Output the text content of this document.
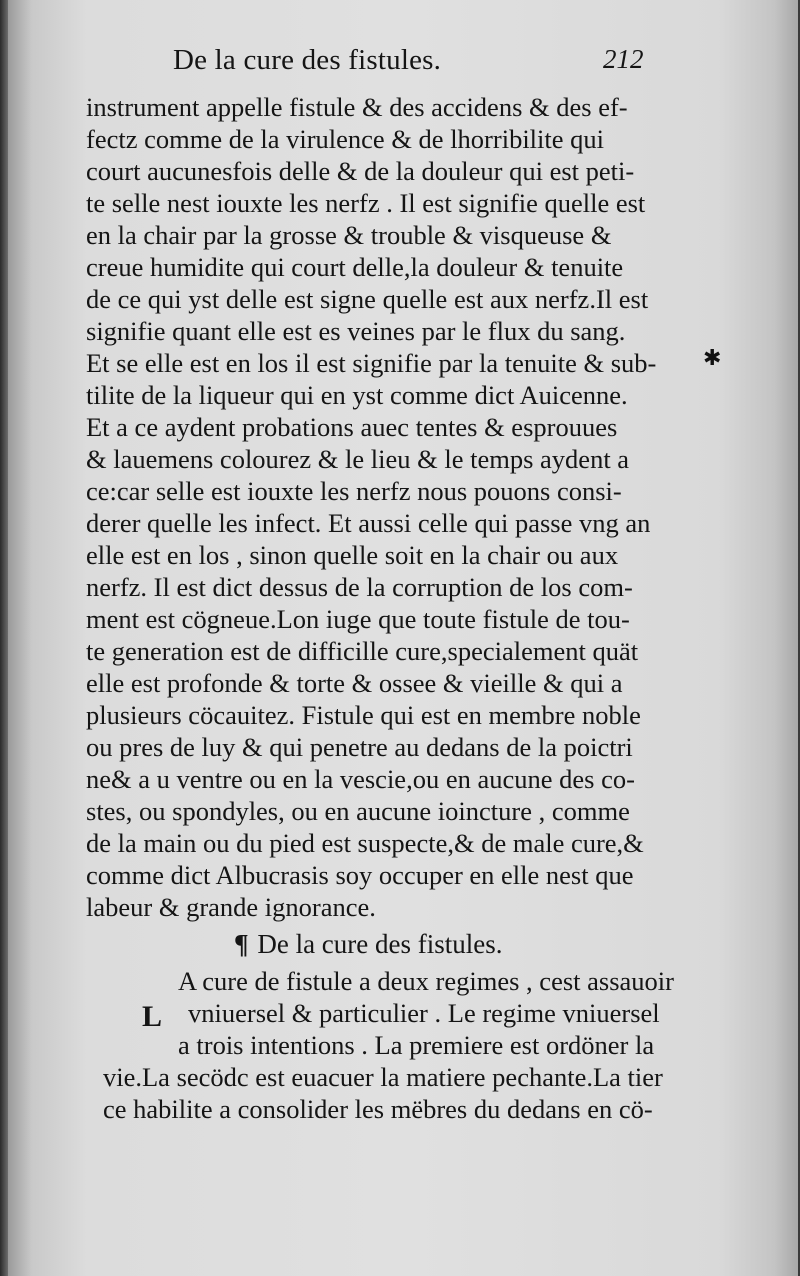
De la cure des fistules.	212
instrument appelle fistule & des accidens & des ef-
fectz comme de la virulence & de lhorribilite qui
court aucunesfois delle & de la douleur qui est peti-
te selle nest iouxte les nerfz . Il est signifie quelle est
en la chair par la grosse & trouble & visqueuse &
creue humidite qui court delle,la douleur & tenuite
de ce qui yst delle est signe quelle est aux nerfz.Il est
signifie quant elle est es veines par le flux du sang.
Et se elle est en los il est signifie par la tenuite & sub-
tilite de la liqueur qui en yst comme dict Auicenne.
Et a ce aydent probations auec tentes & esprouues
& lauemens colourez & le lieu & le temps aydent a
ce:car selle est iouxte les nerfz nous pouons consi-
derer quelle les infect. Et aussi celle qui passe vng an
elle est en los , sinon quelle soit en la chair ou aux
nerfz. Il est dict dessus de la corruption de los com-
ment est cögneue.Lon iuge que toute fistule de tou-
te generation est de difficille cure,specialement quät
elle est profonde & torte & ossee & vieille & qui a
plusieurs cöcauitez. Fistule qui est en membre noble
ou pres de luy & qui penetre au dedans de la poictri
ne& a u ventre ou en la vescie,ou en aucune des co-
stes, ou spondyles, ou en aucune ioincture , comme
de la main ou du pied est suspecte,& de male cure,&
comme dict Albucrasis soy occuper en elle nest que
labeur & grande ignorance.
✱
¶ De la cure des fistules.
L
A cure de fistule a deux regimes , cest assauoir
vniuersel & particulier . Le regime vniuersel
a trois intentions . La premiere est ordöner la
vie.La secödc est euacuer la matiere pechante.La tier
ce habilite a consolider les mëbres du dedans en cö-
